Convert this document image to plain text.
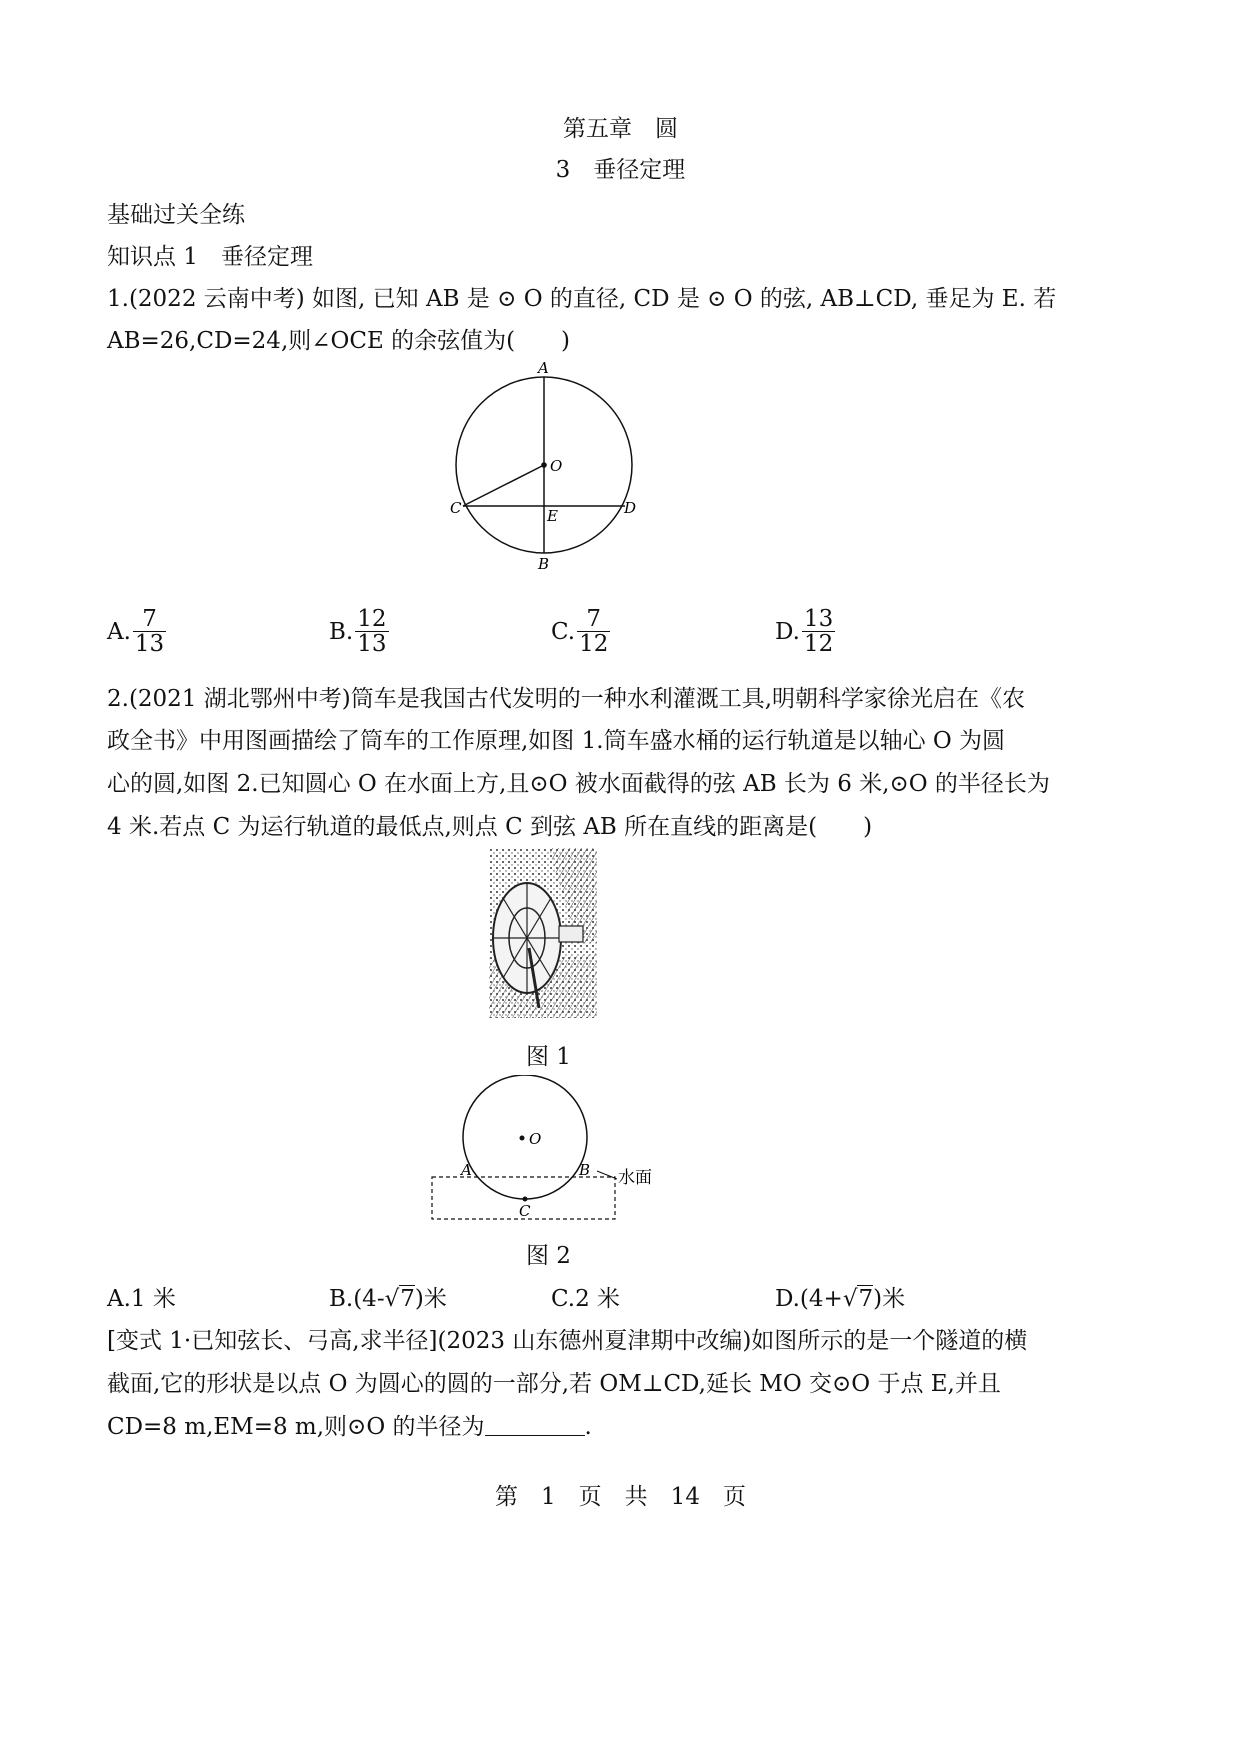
第五章　圆
3　垂径定理
基础过关全练
知识点 1　垂径定理
1.(2022 云南中考) 如图, 已知 AB 是 ⊙ O 的直径, CD 是 ⊙ O 的弦, AB⊥CD, 垂足为 E. 若
AB=26,CD=24,则∠OCE 的余弦值为(　　)
A
B
C	D
E
O
A. $\frac{7}{13}$	B. $\frac{12}{13}$	C. $\frac{7}{12}$	D. $\frac{13}{12}$
2.(2021 湖北鄂州中考)筒车是我国古代发明的一种水利灌溉工具,明朝科学家徐光启在《农
政全书》中用图画描绘了筒车的工作原理,如图 1.筒车盛水桶的运行轨道是以轴心 O 为圆
心的圆,如图 2.已知圆心 O 在水面上方,且⊙O 被水面截得的弦 AB 长为 6 米,⊙O 的半径长为
4 米.若点 C 为运行轨道的最低点,则点 C 到弦 AB 所在直线的距离是(　　)
图 1
O
A	B
C
水面
图 2
A.1 米	B.(4-√7)米	C.2 米	D.(4+√7)米
[变式 1·已知弦长、弓高,求半径](2023 山东德州夏津期中改编)如图所示的是一个隧道的横
截面,它的形状是以点 O 为圆心的圆的一部分,若 OM⊥CD,延长 MO 交⊙O 于点 E,并且
CD=8 m,EM=8 m,则⊙O 的半径为	.
第　1　页　共　14　页
